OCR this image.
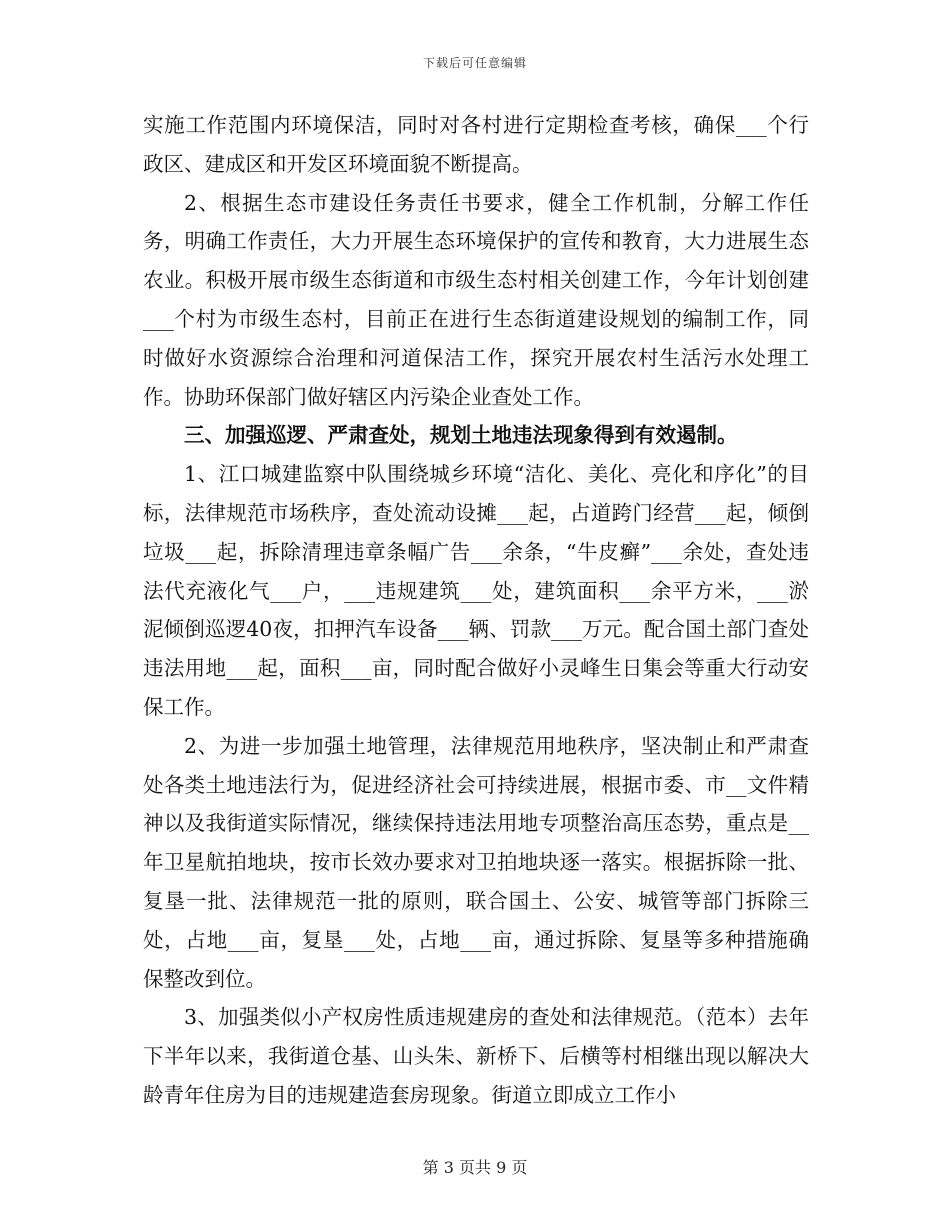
下载后可任意编辑

实施工作范围内环境保洁，同时对各村进行定期检查考核，确保___个行政区、建成区和开发区环境面貌不断提高。

2、根据生态市建设任务责任书要求，健全工作机制，分解工作任务，明确工作责任，大力开展生态环境保护的宣传和教育，大力进展生态农业。积极开展市级生态街道和市级生态村相关创建工作，今年计划创建___个村为市级生态村，目前正在进行生态街道建设规划的编制工作，同时做好水资源综合治理和河道保洁工作，探究开展农村生活污水处理工作。协助环保部门做好辖区内污染企业查处工作。

三、加强巡逻、严肃查处，规划土地违法现象得到有效遏制。

1、江口城建监察中队围绕城乡环境“洁化、美化、亮化和序化”的目标，法律规范市场秩序，查处流动设摊___起，占道跨门经营___起，倾倒垃圾___起，拆除清理违章条幅广告___余条，“牛皮癣”___余处，查处违法代充液化气___户，___违规建筑___处，建筑面积___余平方米，___淤泥倾倒巡逻40夜，扣押汽车设备___辆、罚款___万元。配合国土部门查处违法用地___起，面积___亩，同时配合做好小灵峰生日集会等重大行动安保工作。

2、为进一步加强土地管理，法律规范用地秩序，坚决制止和严肃查处各类土地违法行为，促进经济社会可持续进展，根据市委、市__文件精神以及我街道实际情况，继续保持违法用地专项整治高压态势，重点是__年卫星航拍地块，按市长效办要求对卫拍地块逐一落实。根据拆除一批、复垦一批、法律规范一批的原则，联合国土、公安、城管等部门拆除三处，占地___亩，复垦___处，占地___亩，通过拆除、复垦等多种措施确保整改到位。

3、加强类似小产权房性质违规建房的查处和法律规范。（范本）去年下半年以来，我街道仓基、山头朱、新桥下、后横等村相继出现以解决大龄青年住房为目的违规建造套房现象。街道立即成立工作小

第 3 页共 9 页
